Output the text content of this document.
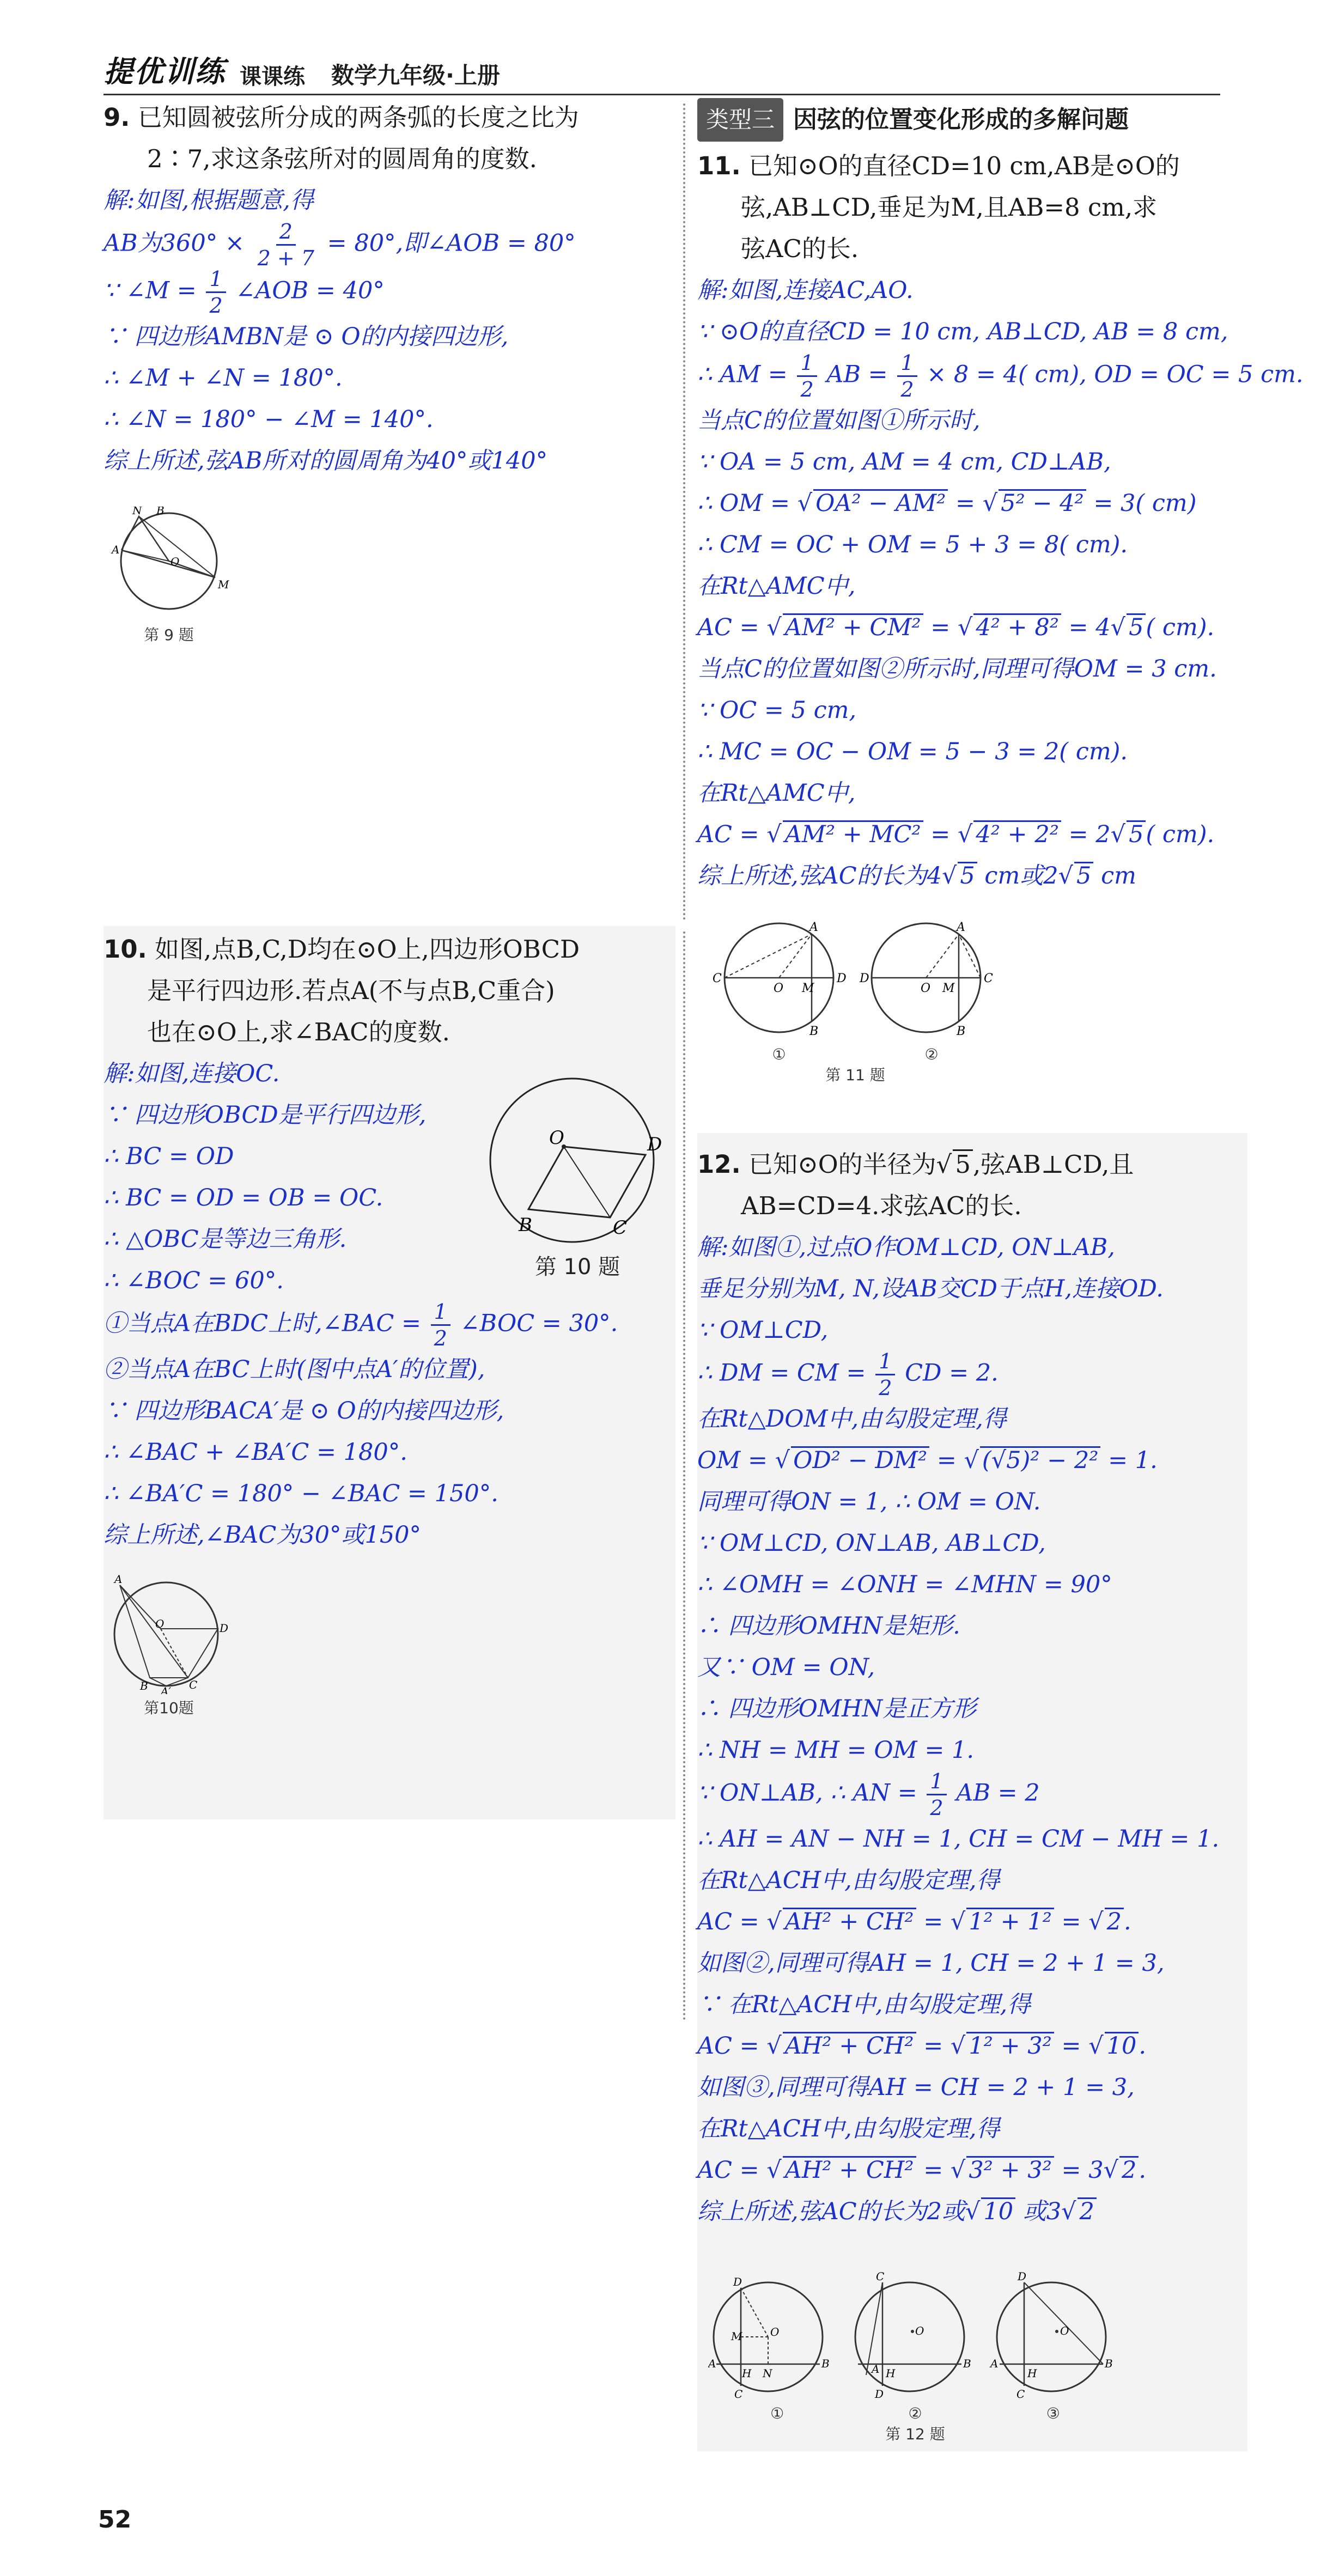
提优训练 课课练 数学九年级·上册
9. 已知圆被弦所分成的两条弧的长度之比为
2∶7,求这条弦所对的圆周角的度数.
解:如图,根据题意,得
AB为$360^\circ \times \frac{2}{2 + 7} = 80^\circ$,即∠AOB = 80°
∵ ∠M = $\frac{1}{2}$ ∠AOB = 40°
∵ 四边形AMBN是 ⊙ O的内接四边形,
∴ ∠M + ∠N = 180°.
∴ ∠N = 180° − ∠M = 140°.
综上所述,弦AB所对的圆周角为40°或140°
A
N B
O
M
第 9 题
10. 如图,点B,C,D均在⊙O上,四边形OBCD
是平行四边形.若点A(不与点B,C重合)
也在⊙O上,求∠BAC的度数.
解:如图,连接OC.
∵ 四边形OBCD是平行四边形,
∴ BC = OD
∴ BC = OD = OB = OC.
∴ △OBC是等边三角形.
∴ ∠BOC = 60°.
①当点A在BDC上时,∠BAC = $\frac{1}{2}$ ∠BOC = 30°.
②当点A在BC上时(图中点A′的位置),
∵ 四边形BACA′是 ⊙ O的内接四边形,
∴ ∠BAC + ∠BA′C = 180°.
∴ ∠BA′C = 180° − ∠BAC = 150°.
综上所述,∠BAC为30°或150°
O	D
B	C
第 10 题
A
O	D
B A′ C
第10题
类型三 因弦的位置变化形成的多解问题
11. 已知⊙O的直径CD=10 cm,AB是⊙O的
弦,AB⊥CD,垂足为M,且AB=8 cm,求
弦AC的长.
解:如图,连接AC,AO.
∵ ⊙O的直径CD = 10 cm, AB⊥CD, AB = 8 cm,
∴ AM = $\frac{1}{2}$ AB = $\frac{1}{2} \times 8 = 4$( cm), OD = OC = 5 cm.
当点C的位置如图①所示时,
∵ OA = 5 cm, AM = 4 cm, CD⊥AB,
∴ OM = √ OA² − AM² = √ 5² − 4² = 3( cm)
∴ CM = OC + OM = 5 + 3 = 8( cm).
在Rt△AMC中,
AC = √ AM² + CM² = √ 4² + 8² = 4 √ 5( cm).
当点C的位置如图②所示时,同理可得OM = 3 cm.
∵ OC = 5 cm,
∴ MC = OC − OM = 5 − 3 = 2( cm).
在Rt△AMC中,
AC = √ AM² + MC² = √ 4² + 2² = 2 √ 5( cm).
综上所述,弦AC的长为4 √ 5 cm或2 √ 5 cm
C
O M
D
A
B
D
O M
C
A
B
①	②
第 11 题
12. 已知⊙O的半径为 √ 5,弦AB⊥CD,且
AB=CD=4.求弦AC的长.
解:如图①,过点O作OM⊥CD, ON⊥AB,
垂足分别为M, N,设AB交CD于点H,连接OD.
∵ OM⊥CD,
∴ DM = CM = $\frac{1}{2}$ CD = 2.
在Rt△DOM中,由勾股定理,得
OM = √ OD² − DM² = √ (√5)² − 2² = 1.
同理可得ON = 1, ∴ OM = ON.
∵ OM⊥CD, ON⊥AB, AB⊥CD,
∴ ∠OMH = ∠ONH = ∠MHN = 90°
∴ 四边形OMHN是矩形.
又∵ OM = ON,
∴ 四边形OMHN是正方形
∴ NH = MH = OM = 1.
∵ ON⊥AB, ∴ AN = $\frac{1}{2}$ AB = 2
∴ AH = AN − NH = 1, CH = CM − MH = 1.
在Rt△ACH中,由勾股定理,得
AC = √ AH² + CH² = √ 1² + 1² = √ 2.
如图②,同理可得AH = 1, CH = 2 + 1 = 3,
∵ 在Rt△ACH中,由勾股定理,得
AC = √ AH² + CH² = √ 1² + 3² = √ 10.
如图③,同理可得AH = CH = 2 + 1 = 3,
在Rt△ACH中,由勾股定理,得
AC = √ AH² + CH² = √ 3² + 3² = 3 √ 2.
综上所述,弦AC的长为2或 √ 10 或3 √ 2
D
M	O
A
H N
B
C
C
O
A H
B
D
D
O
A
H
B
C
①	②	③
第 12 题
52
